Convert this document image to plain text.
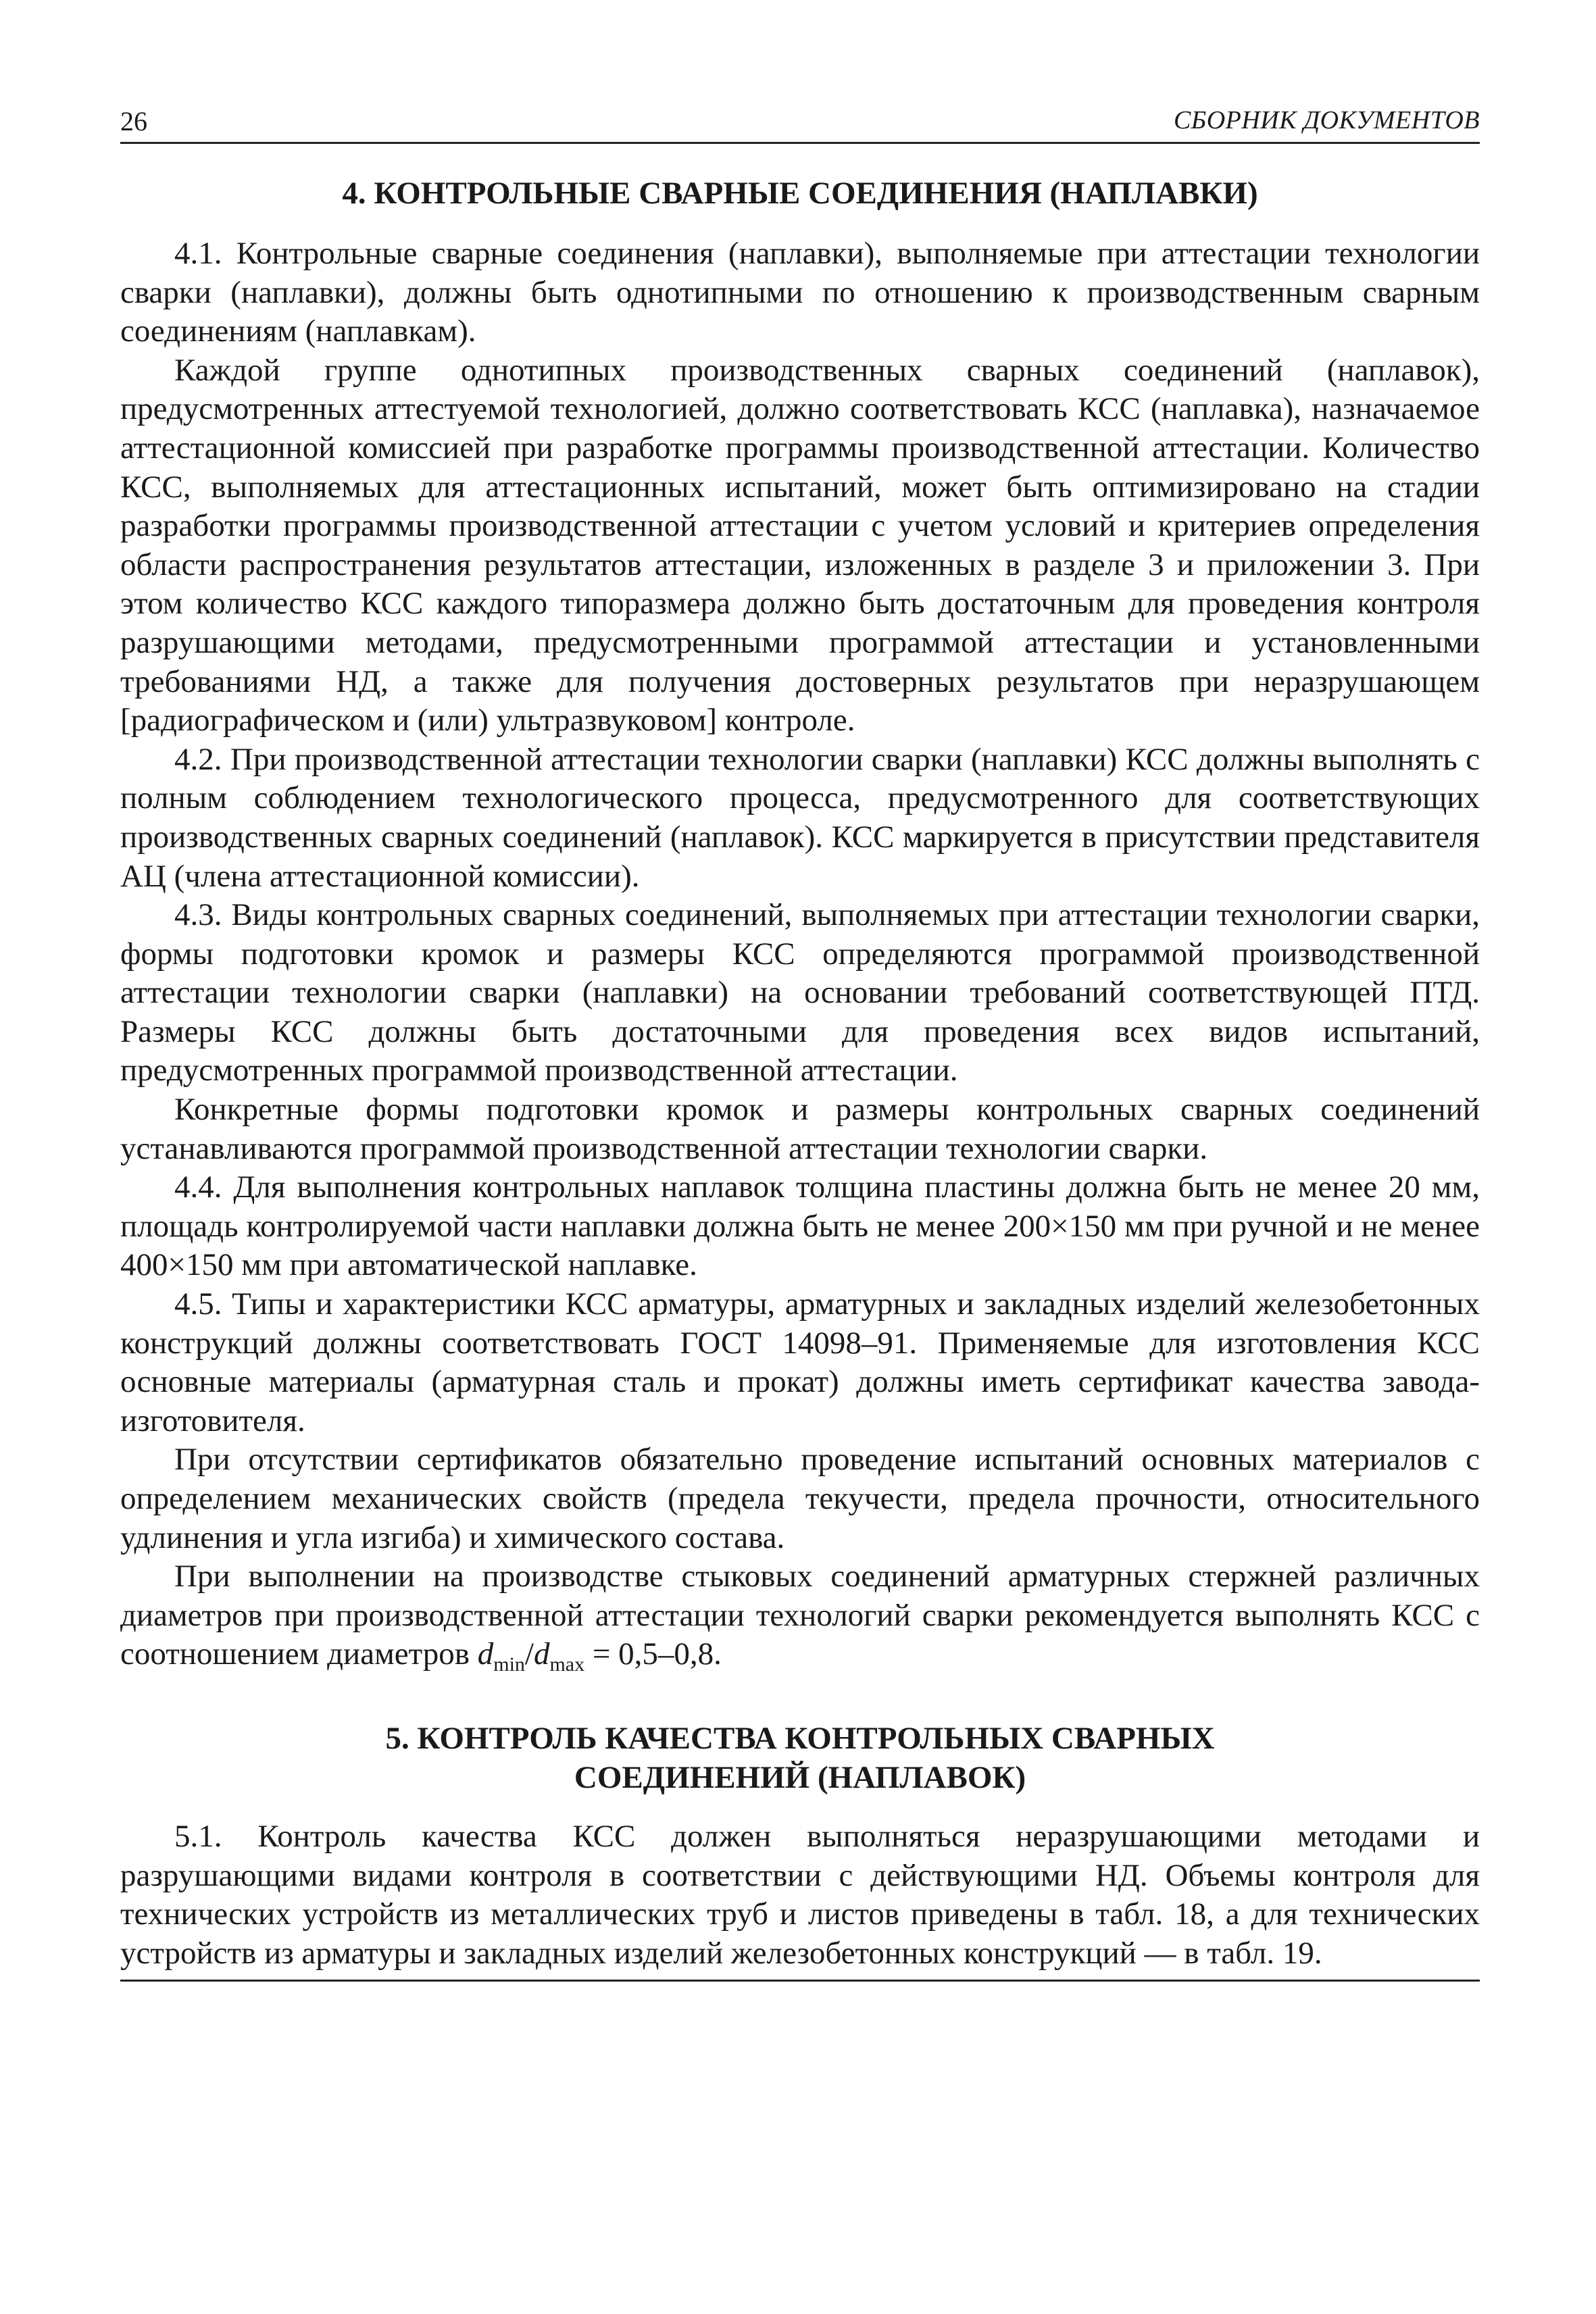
26	СБОРНИК ДОКУМЕНТОВ
4. КОНТРОЛЬНЫЕ СВАРНЫЕ СОЕДИНЕНИЯ (НАПЛАВКИ)

4.1. Контрольные сварные соединения (наплавки), выполняемые при аттестации технологии сварки (наплавки), должны быть однотипными по отношению к производственным сварным соединениям (наплавкам).

Каждой группе однотипных производственных сварных соединений (наплавок), предусмотренных аттестуемой технологией, должно соответствовать КСС (наплавка), назначаемое аттестационной комиссией при разработке программы производственной аттестации. Количество КСС, выполняемых для аттестационных испытаний, может быть оптимизировано на стадии разработки программы производственной аттестации с учетом условий и критериев определения области распространения результатов аттестации, изложенных в разделе 3 и приложении 3. При этом количество КСС каждого типоразмера должно быть достаточным для проведения контроля разрушающими методами, предусмотренными программой аттестации и установленными требованиями НД, а также для получения достоверных результатов при неразрушающем [радиографическом и (или) ультразвуковом] контроле.

4.2. При производственной аттестации технологии сварки (наплавки) КСС должны выполнять с полным соблюдением технологического процесса, предусмотренного для соответствующих производственных сварных соединений (наплавок). КСС маркируется в присутствии представителя АЦ (члена аттестационной комиссии).

4.3. Виды контрольных сварных соединений, выполняемых при аттестации технологии сварки, формы подготовки кромок и размеры КСС определяются программой производственной аттестации технологии сварки (наплавки) на основании требований соответствующей ПТД. Размеры КСС должны быть достаточными для проведения всех видов испытаний, предусмотренных программой производственной аттестации.

Конкретные формы подготовки кромок и размеры контрольных сварных соединений устанавливаются программой производственной аттестации технологии сварки.

4.4. Для выполнения контрольных наплавок толщина пластины должна быть не менее 20 мм, площадь контролируемой части наплавки должна быть не менее 200×150 мм при ручной и не менее 400×150 мм при автоматической наплавке.

4.5. Типы и характеристики КСС арматуры, арматурных и закладных изделий железобетонных конструкций должны соответствовать ГОСТ 14098–91. Применяемые для изготовления КСС основные материалы (арматурная сталь и прокат) должны иметь сертификат качества завода-изготовителя.

При отсутствии сертификатов обязательно проведение испытаний основных материалов с определением механических свойств (предела текучести, предела прочности, относительного удлинения и угла изгиба) и химического состава.

При выполнении на производстве стыковых соединений арматурных стержней различных диаметров при производственной аттестации технологий сварки рекомендуется выполнять КСС с соотношением диаметров $d_{min}/d_{max} = 0,5-0,8$.

5. КОНТРОЛЬ КАЧЕСТВА КОНТРОЛЬНЫХ СВАРНЫХ
СОЕДИНЕНИЙ (НАПЛАВОК)

5.1. Контроль качества КСС должен выполняться неразрушающими методами и разрушающими видами контроля в соответствии с действующими НД. Объемы контроля для технических устройств из металлических труб и листов приведены в табл. 18, а для технических устройств из арматуры и закладных изделий железобетонных конструкций — в табл. 19.
